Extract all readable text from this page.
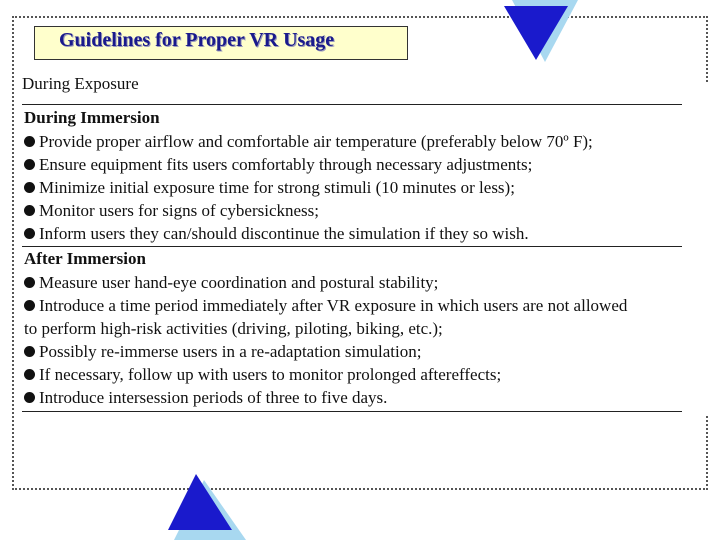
Guidelines for Proper VR Usage
During Exposure
During Immersion
Provide proper airflow and comfortable air temperature (preferably below 70º F);
Ensure equipment fits users comfortably through necessary adjustments;
Minimize initial exposure time for strong stimuli (10 minutes or less);
Monitor users for signs of cybersickness;
Inform users they can/should discontinue the simulation if they so wish.
After Immersion
Measure user hand-eye coordination and postural stability;
Introduce a time period immediately after VR exposure in which users are not allowed
to perform high-risk activities (driving, piloting, biking, etc.);
Possibly re-immerse users in a re-adaptation simulation;
If necessary, follow up with users to monitor prolonged aftereffects;
Introduce intersession periods of three to five days.
